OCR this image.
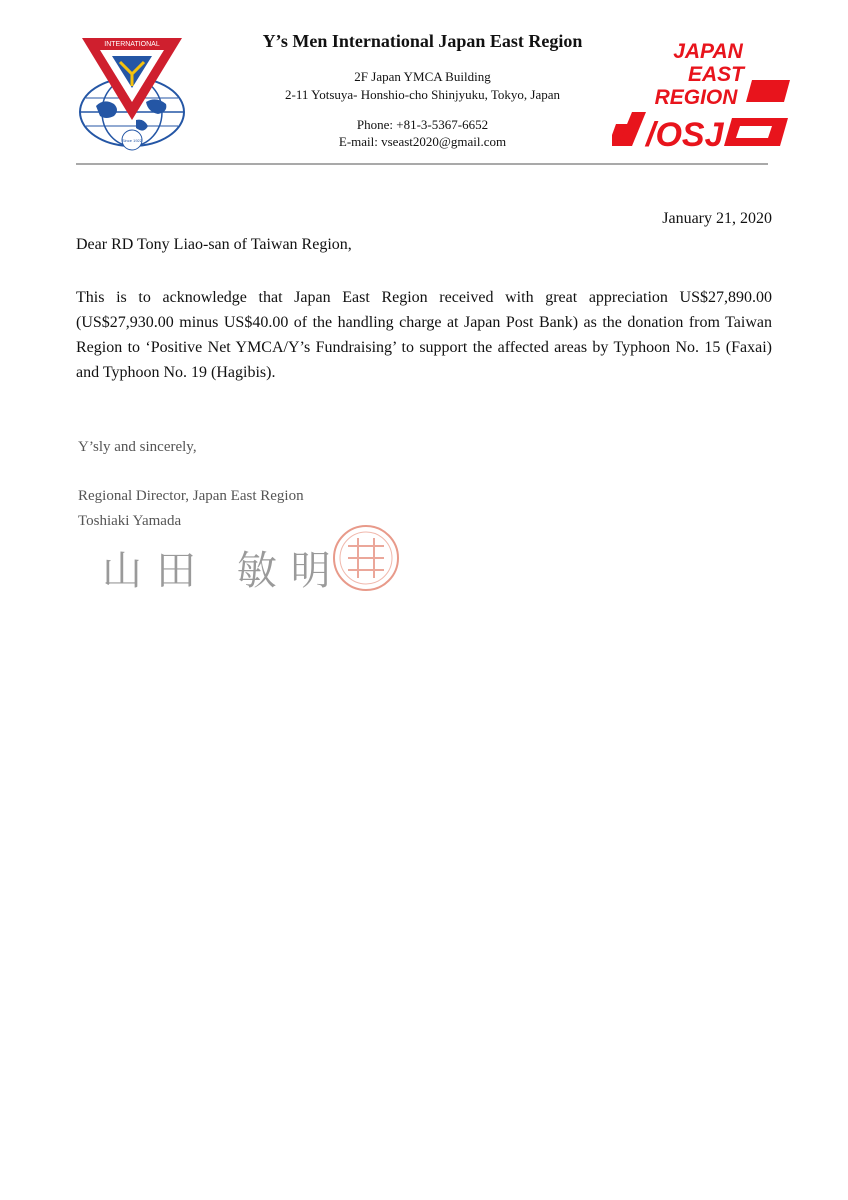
INTERNATIONAL
Since 1922
Y’s Men International Japan East Region
2F Japan YMCA Building
2-11 Yotsuya- Honshio-cho Shinjyuku, Tokyo, Japan
Phone: +81-3-5367-6652
E-mail: vseast2020@gmail.com
JAPAN
EAST
REGION
/OSJ
January 21, 2020
Dear RD Tony Liao-san of Taiwan Region,
This is to acknowledge that Japan East Region received with great appreciation US$27,890.00 (US$27,930.00 minus US$40.00 of the handling charge at Japan Post Bank) as the donation from Taiwan Region to ‘Positive Net YMCA/Y’s Fundraising’ to support the affected areas by Typhoon No. 15 (Faxai) and Typhoon No. 19 (Hagibis).
Y’sly and sincerely,
Regional Director, Japan East Region
Toshiaki Yamada
山田 敏明
